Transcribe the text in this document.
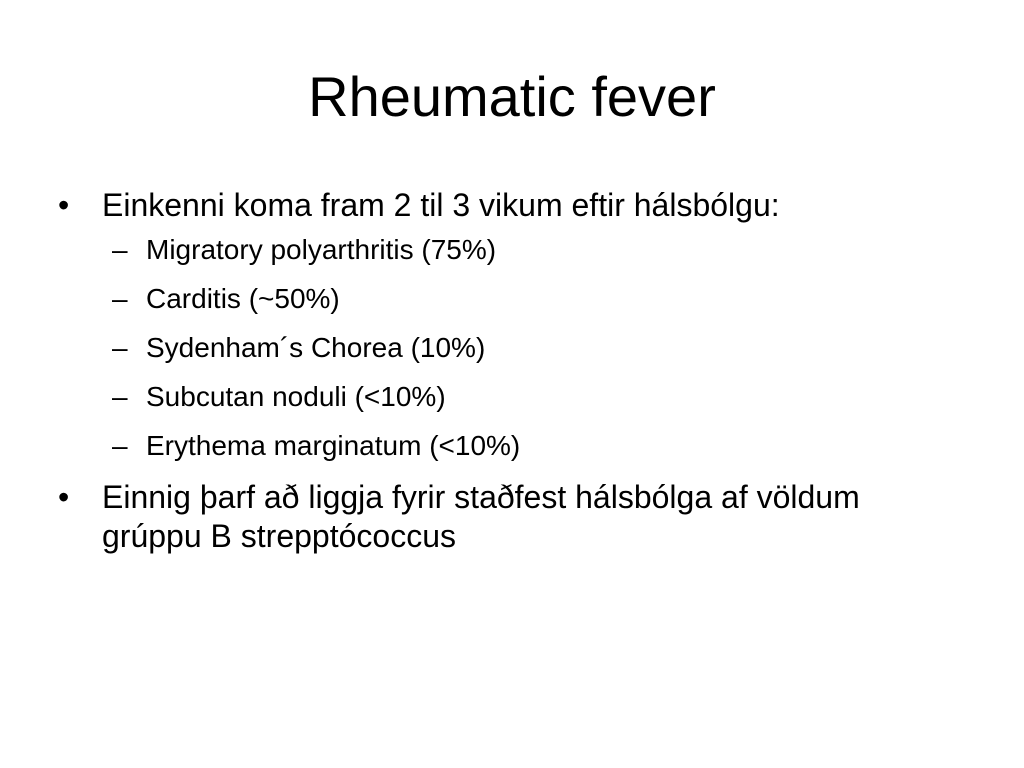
Rheumatic fever
• Einkenni koma fram 2 til 3 vikum eftir hálsbólgu:
– Migratory polyarthritis (75%)
– Carditis (~50%)
– Sydenham´s Chorea (10%)
– Subcutan noduli (<10%)
– Erythema marginatum (<10%)
• Einnig þarf að liggja fyrir staðfest hálsbólga af völdum grúppu B strepptócoccus
